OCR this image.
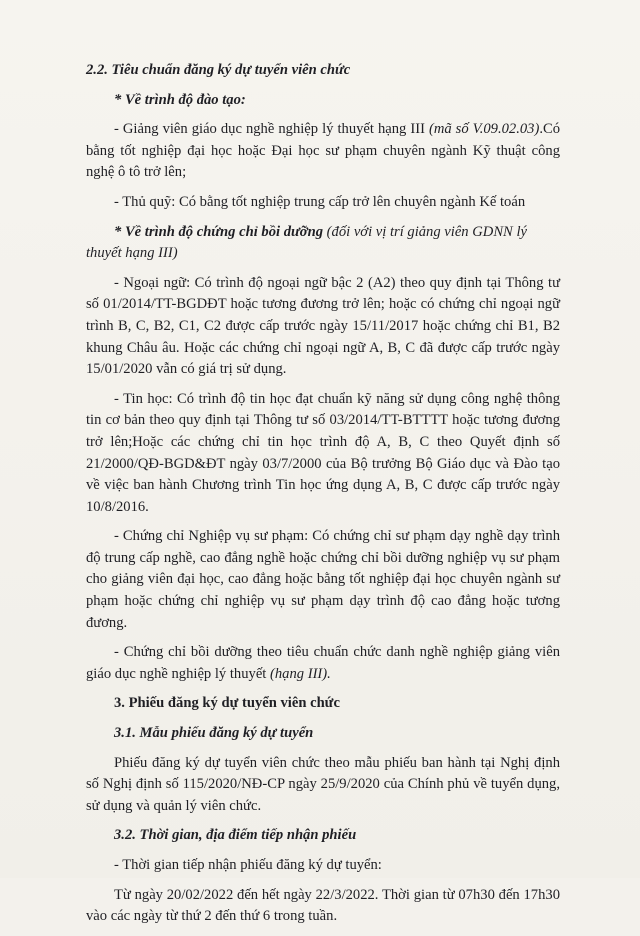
2.2. Tiêu chuẩn đăng ký dự tuyển viên chức
* Về trình độ đào tạo:

- Giảng viên giáo dục nghề nghiệp lý thuyết hạng III (mã số V.09.02.03).Có bằng tốt nghiệp đại học hoặc Đại học sư phạm chuyên ngành Kỹ thuật công nghệ ô tô trở lên;

- Thủ quỹ: Có bằng tốt nghiệp trung cấp trở lên chuyên ngành Kế toán

* Về trình độ chứng chỉ bồi dưỡng (đối với vị trí giảng viên GDNN lý thuyết hạng III)

- Ngoại ngữ: Có trình độ ngoại ngữ bậc 2 (A2) theo quy định tại Thông tư số 01/2014/TT-BGDĐT hoặc tương đương trở lên; hoặc có chứng chỉ ngoại ngữ trình B, C, B2, C1, C2 được cấp trước ngày 15/11/2017 hoặc chứng chỉ B1, B2 khung Châu âu. Hoặc các chứng chỉ ngoại ngữ A, B, C đã được cấp trước ngày 15/01/2020 vẫn có giá trị sử dụng.

- Tin học: Có trình độ tin học đạt chuẩn kỹ năng sử dụng công nghệ thông tin cơ bản theo quy định tại Thông tư số 03/2014/TT-BTTTT hoặc tương đương trở lên;Hoặc các chứng chỉ tin học trình độ A, B, C theo Quyết định số 21/2000/QĐ-BGD&ĐT ngày 03/7/2000 của Bộ trưởng Bộ Giáo dục và Đào tạo về việc ban hành Chương trình Tin học ứng dụng A, B, C được cấp trước ngày 10/8/2016.

- Chứng chỉ Nghiệp vụ sư phạm: Có chứng chỉ sư phạm dạy nghề dạy trình độ trung cấp nghề, cao đẳng nghề hoặc chứng chỉ bồi dưỡng nghiệp vụ sư phạm cho giảng viên đại học, cao đẳng hoặc bằng tốt nghiệp đại học chuyên ngành sư phạm hoặc chứng chỉ nghiệp vụ sư phạm dạy trình độ cao đẳng hoặc tương đương.

- Chứng chỉ bồi dưỡng theo tiêu chuẩn chức danh nghề nghiệp giảng viên giáo dục nghề nghiệp lý thuyết (hạng III).

3. Phiếu đăng ký dự tuyển viên chức
3.1. Mẫu phiếu đăng ký dự tuyển

Phiếu đăng ký dự tuyển viên chức theo mẫu phiếu ban hành tại Nghị định số Nghị định số 115/2020/NĐ-CP ngày 25/9/2020 của Chính phủ về tuyển dụng, sử dụng và quản lý viên chức.

3.2. Thời gian, địa điểm tiếp nhận phiếu

- Thời gian tiếp nhận phiếu đăng ký dự tuyển:

Từ ngày 20/02/2022 đến hết ngày 22/3/2022. Thời gian từ 07h30 đến 17h30 vào các ngày từ thứ 2 đến thứ 6 trong tuần.
